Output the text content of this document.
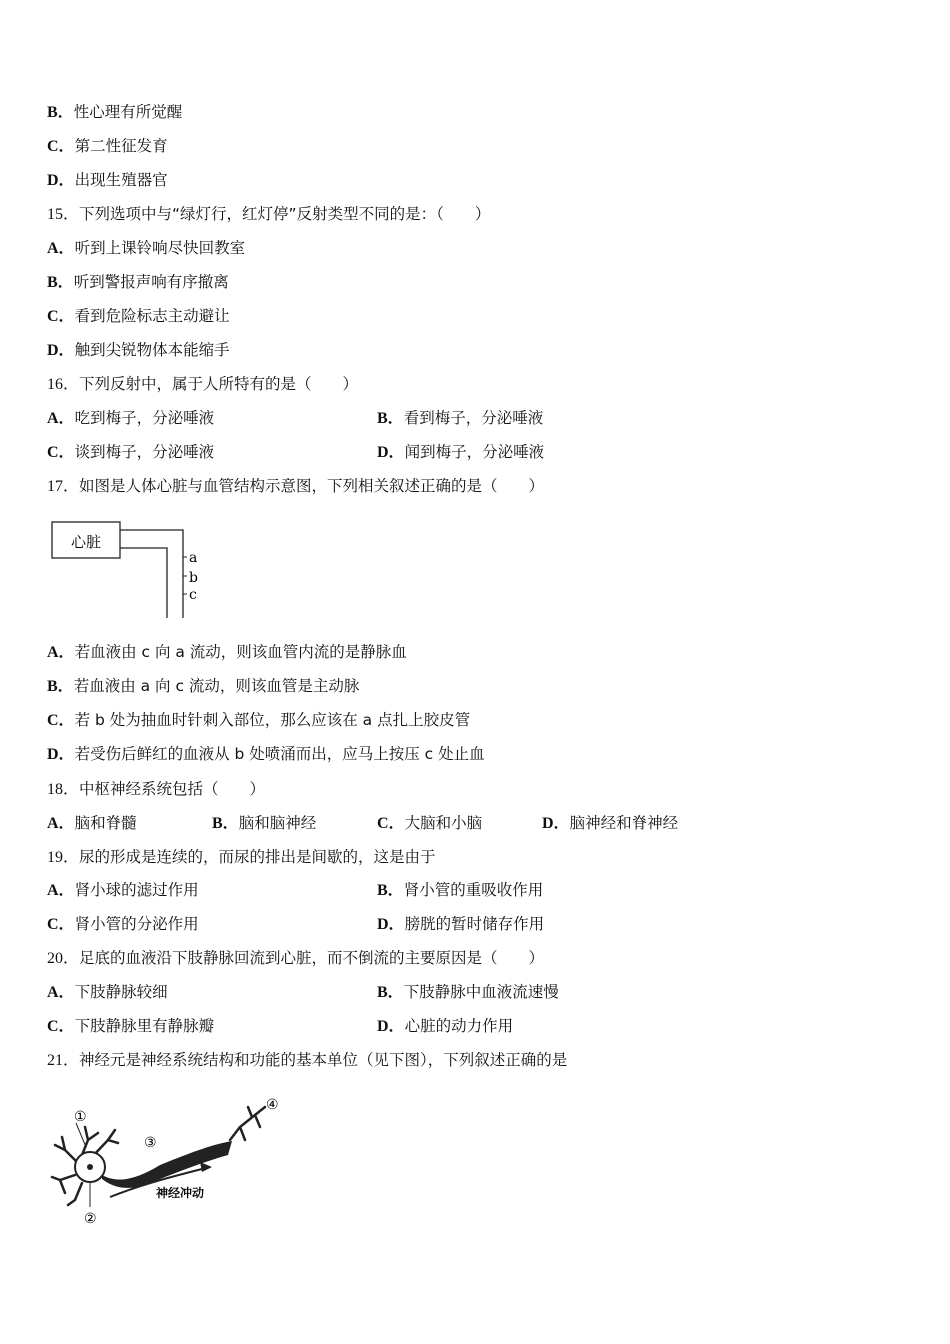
B．性心理有所觉醒
C．第二性征发育
D．出现生殖器官
15．下列选项中与“绿灯行，红灯停”反射类型不同的是：（　　）
A．听到上课铃响尽快回教室
B．听到警报声响有序撤离
C．看到危险标志主动避让
D．触到尖锐物体本能缩手
16．下列反射中，属于人所特有的是（　　）
A．吃到梅子，分泌唾液	B．看到梅子，分泌唾液
C．谈到梅子，分泌唾液	D．闻到梅子，分泌唾液
17．如图是人体心脏与血管结构示意图，下列相关叙述正确的是（　　）
心脏
a
b
c
A．若血液由 c 向 a 流动，则该血管内流的是静脉血
B．若血液由 a 向 c 流动，则该血管是主动脉
C．若 b 处为抽血时针刺入部位，那么应该在 a 点扎上胶皮管
D．若受伤后鲜红的血液从 b 处喷涌而出，应马上按压 c 处止血
18．中枢神经系统包括（　　）
A．脑和脊髓	B．脑和脑神经	C．大脑和小脑	D．脑神经和脊神经
19．尿的形成是连续的，而尿的排出是间歇的，这是由于
A．肾小球的滤过作用	B．肾小管的重吸收作用
C．肾小管的分泌作用	D．膀胱的暂时储存作用
20．足底的血液沿下肢静脉回流到心脏，而不倒流的主要原因是（　　）
A．下肢静脉较细	B．下肢静脉中血液流速慢
C．下肢静脉里有静脉瓣	D．心脏的动力作用
21．神经元是神经系统结构和功能的基本单位（见下图），下列叙述正确的是
①
②
③
④
神经冲动
